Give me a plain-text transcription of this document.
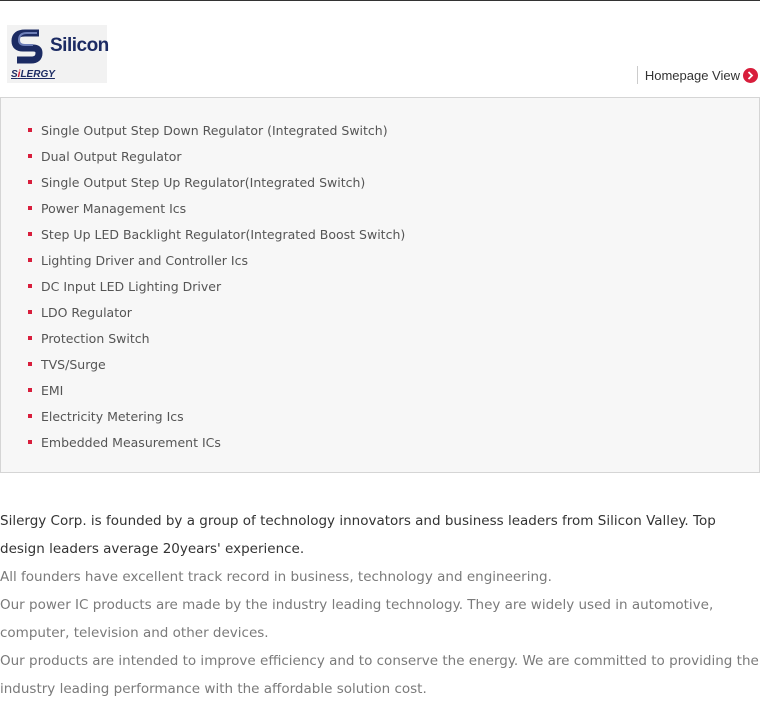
Silicon
SiLERGY	Homepage View
Single Output Step Down Regulator (Integrated Switch)
Dual Output Regulator
Single Output Step Up Regulator(Integrated Switch)
Power Management Ics
Step Up LED Backlight Regulator(Integrated Boost Switch)
Lighting Driver and Controller Ics
DC Input LED Lighting Driver
LDO Regulator
Protection Switch
TVS/Surge
EMI
Electricity Metering Ics
Embedded Measurement ICs

Silergy Corp. is founded by a group of technology innovators and business leaders from Silicon Valley. Top design leaders average 20years' experience.

All founders have excellent track record in business, technology and engineering.

Our power IC products are made by the industry leading technology. They are widely used in automotive, computer, television and other devices.

Our products are intended to improve efficiency and to conserve the energy. We are committed to providing the industry leading performance with the affordable solution cost.
